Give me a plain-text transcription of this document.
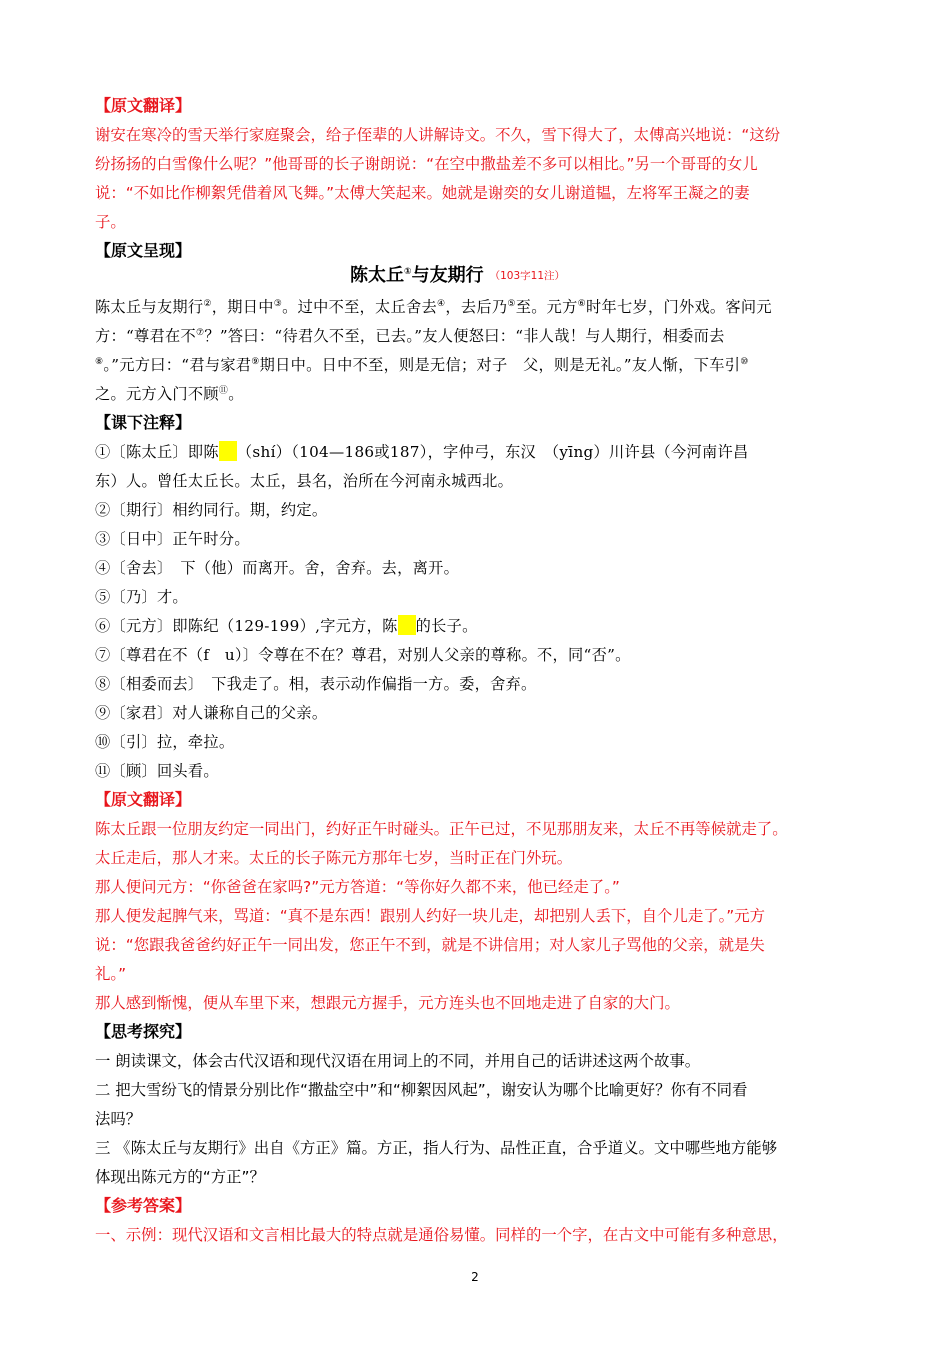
【原文翻译】
谢安在寒冷的雪天举行家庭聚会，给子侄辈的人讲解诗文。不久，雪下得大了，太傅高兴地说：“这纷
纷扬扬的白雪像什么呢？”他哥哥的长子谢朗说：“在空中撒盐差不多可以相比。”另一个哥哥的女儿
说：“不如比作柳絮凭借着风飞舞。”太傅大笑起来。她就是谢奕的女儿谢道韫，左将军王凝之的妻
子。
【原文呈现】
陈太丘①与友期行 （103字11注）
陈太丘与友期行②，期日中③。过中不至，太丘舍去④，去后乃⑤至。元方⑥时年七岁，门外戏。客问元
方：“尊君在不⑦？”答曰：“待君久不至，已去。”友人便怒曰：“非人哉！与人期行，相委而去
⑧。”元方曰：“君与家君⑨期日中。日中不至，则是无信；对子　父，则是无礼。”友人惭，下车引⑩
之。元方入门不顾⑪。
【课下注释】
①〔陈太丘〕即陈 （shí）（104—186或187），字仲弓，东汉　（yīng）川许县（今河南许昌
东）人。曾任太丘长。太丘，县名，治所在今河南永城西北。
②〔期行〕相约同行。期，约定。
③〔日中〕正午时分。
④〔舍去〕　下（他）而离开。舍，舍弃。去，离开。
⑤〔乃〕才。
⑥〔元方〕即陈纪（129-199）,字元方，陈 的长子。
⑦〔尊君在不（f　u）〕令尊在不在？尊君，对别人父亲的尊称。不，同“否”。
⑧〔相委而去〕　下我走了。相，表示动作偏指一方。委，舍弃。
⑨〔家君〕对人谦称自己的父亲。
⑩〔引〕拉，牵拉。
⑪〔顾〕回头看。
【原文翻译】
陈太丘跟一位朋友约定一同出门，约好正午时碰头。正午已过，不见那朋友来，太丘不再等候就走了。
太丘走后，那人才来。太丘的长子陈元方那年七岁，当时正在门外玩。
那人便问元方：“你爸爸在家吗?”元方答道：“等你好久都不来，他已经走了。”
那人便发起脾气来，骂道：“真不是东西！跟别人约好一块儿走，却把别人丢下，自个儿走了。”元方
说：“您跟我爸爸约好正午一同出发，您正午不到，就是不讲信用；对人家儿子骂他的父亲，就是失
礼。”
那人感到惭愧，便从车里下来，想跟元方握手，元方连头也不回地走进了自家的大门。
【思考探究】
一 朗读课文，体会古代汉语和现代汉语在用词上的不同，并用自己的话讲述这两个故事。
二 把大雪纷飞的情景分别比作“撒盐空中”和“柳絮因风起”，谢安认为哪个比喻更好？你有不同看
法吗？
三 《陈太丘与友期行》出自《方正》篇。方正，指人行为、品性正直，合乎道义。文中哪些地方能够
体现出陈元方的“方正”？
【参考答案】
一、示例：现代汉语和文言相比最大的特点就是通俗易懂。同样的一个字，在古文中可能有多种意思，
2
